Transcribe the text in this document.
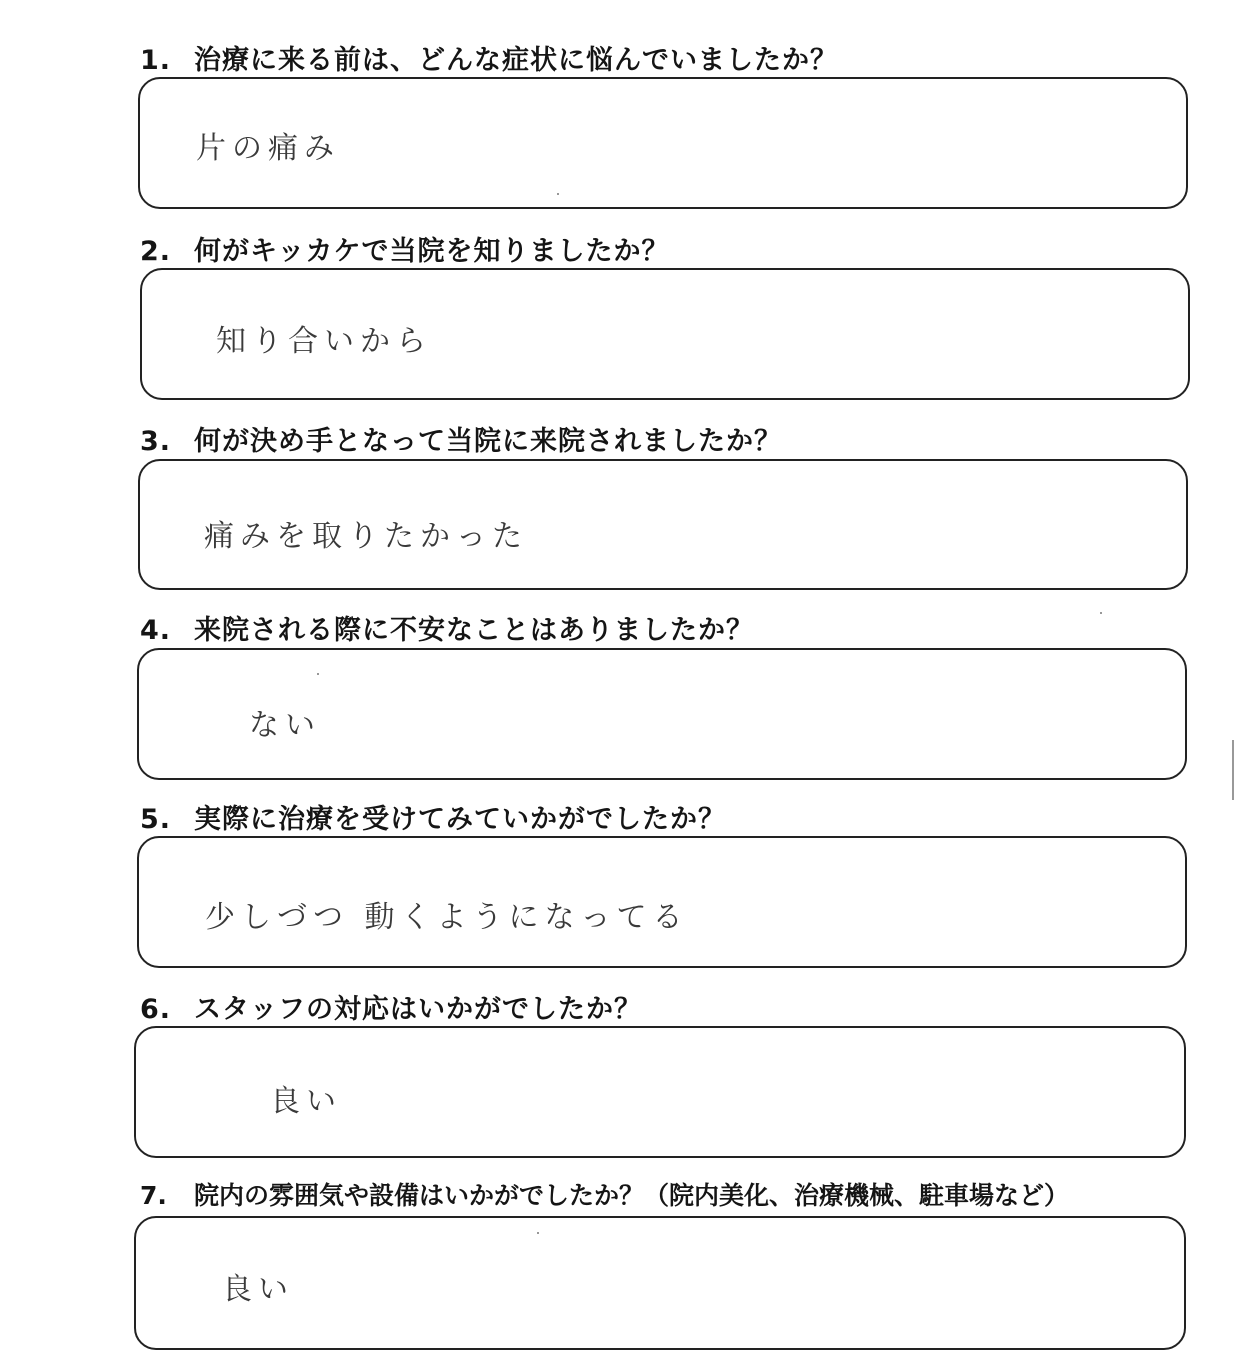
1. 治療に来る前は、どんな症状に悩んでいましたか？
片の痛み
2. 何がキッカケで当院を知りましたか？
知り合いから
3. 何が決め手となって当院に来院されましたか？
痛みを取りたかった
4. 来院される際に不安なことはありましたか？
ない
5. 実際に治療を受けてみていかがでしたか？
少しづつ 動くようになってる
6. スタッフの対応はいかがでしたか？
良い
7. 院内の雰囲気や設備はいかがでしたか？（院内美化、治療機械、駐車場など）
良い
